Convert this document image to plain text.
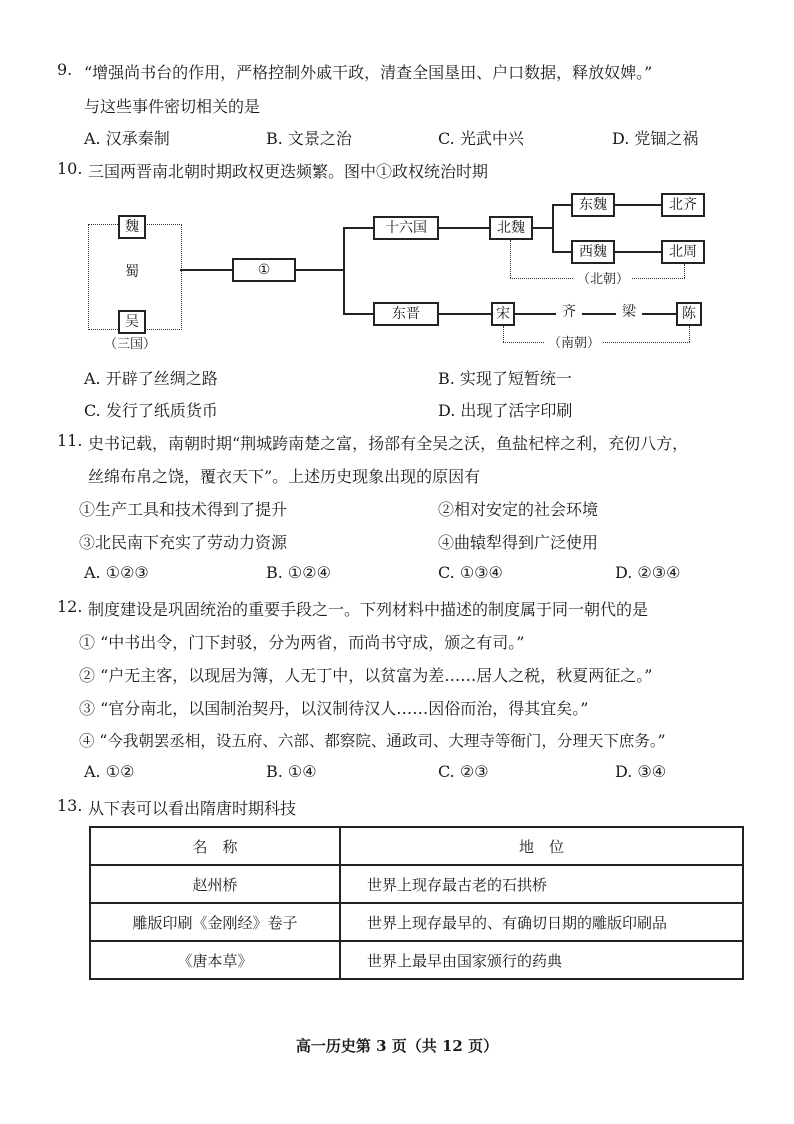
9. “增强尚书台的作用，严格控制外戚干政，清查全国垦田、户口数据，释放奴婢。”
与这些事件密切相关的是
A. 汉承秦制	B. 文景之治	C. 光武中兴	D. 党锢之祸
10. 三国两晋南北朝时期政权更迭频繁。图中①政权统治时期
魏
蜀
吴
（三国）
①
十六国
东晋
北魏
东魏
西魏
北齐
北周
（北朝）
宋	齐	梁	陈
（南朝）
A. 开辟了丝绸之路	B. 实现了短暂统一
C. 发行了纸质货币	D. 出现了活字印刷
11. 史书记载，南朝时期“荆城跨南楚之富，扬部有全吴之沃，鱼盐杞梓之利，充仞八方，
丝绵布帛之饶，覆衣天下”。上述历史现象出现的原因有
①生产工具和技术得到了提升	②相对安定的社会环境
③北民南下充实了劳动力资源	④曲辕犁得到广泛使用
A. ①②③	B. ①②④	C. ①③④	D. ②③④
12. 制度建设是巩固统治的重要手段之一。下列材料中描述的制度属于同一朝代的是
① “中书出令，门下封驳，分为两省，而尚书守成，颁之有司。”
② “户无主客，以现居为簿，人无丁中，以贫富为差……居人之税，秋夏两征之。”
③ “官分南北，以国制治契丹，以汉制待汉人……因俗而治，得其宜矣。”
④ “今我朝罢丞相，设五府、六部、都察院、通政司、大理寺等衙门，分理天下庶务。”
A. ①②	B. ①④	C. ②③	D. ③④
13. 从下表可以看出隋唐时期科技
名　称	地　位
赵州桥	世界上现存最古老的石拱桥
雕版印刷《金刚经》卷子	世界上现存最早的、有确切日期的雕版印刷品
《唐本草》	世界上最早由国家颁行的药典
高一历史第 3 页（共 12 页）
